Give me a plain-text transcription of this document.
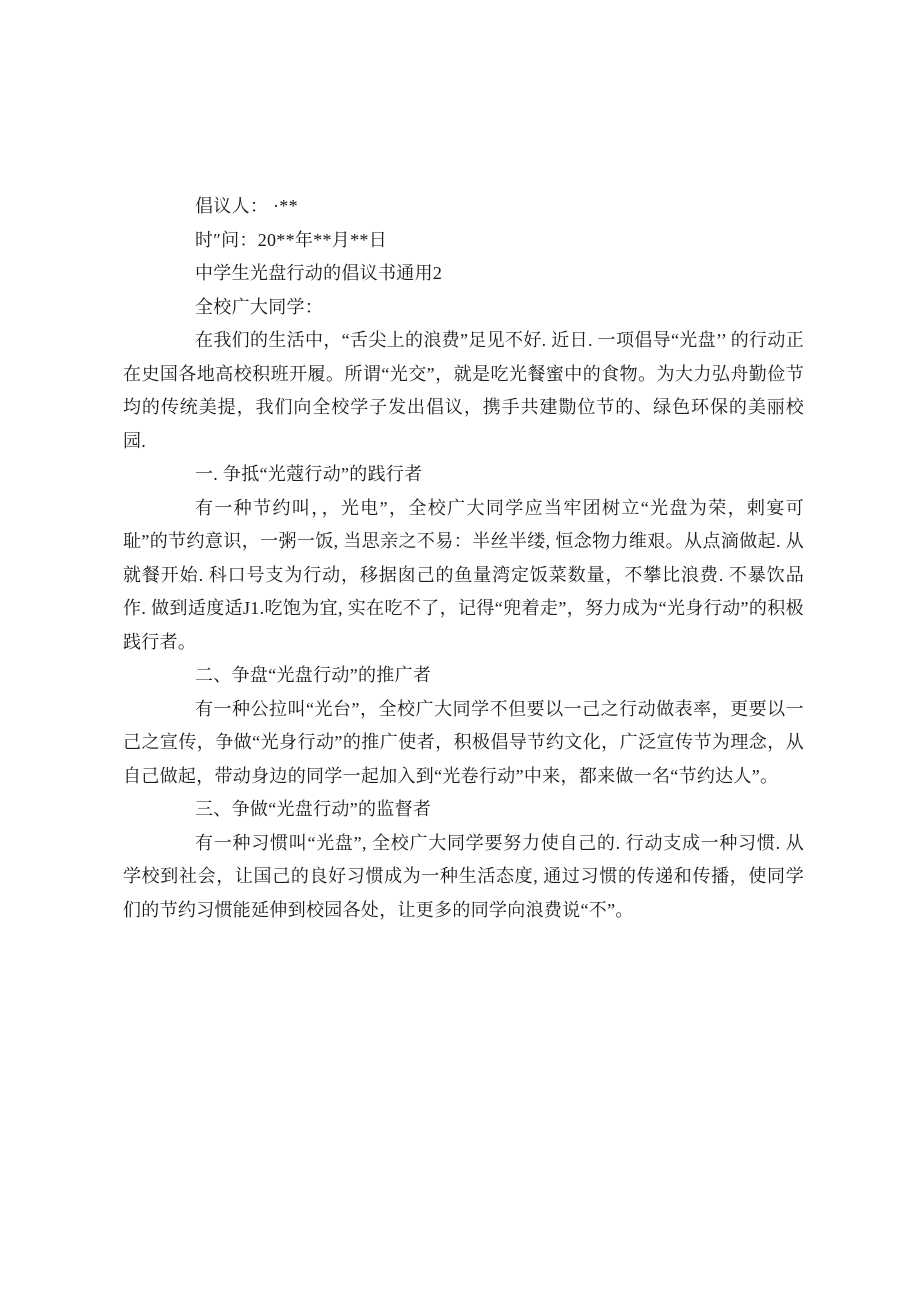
倡议人： ·**

时″问：20**年**月**日

中学生光盘行动的倡议书通用2

全校广大同学：

在我们的生活中，“舌尖上的浪费”足见不好. 近日. 一项倡导“光盘’’ 的行动正在史国各地高校积班开履。所谓“光交”，就是吃光餐蜜中的食物。为大力弘舟勤俭节均的传统美提，我们向全校学子发出倡议，携手共建勚位节的、绿色环保的美丽校园.

一. 争抵“光蔻行动”的践行者

有一种节约叫，，光电”，全校广大同学应当牢团树立“光盘为荣，剌宴可耻”的节约意识，一粥一饭, 当思亲之不易：半丝半缕, 恒念物力维艰。从点滴做起. 从就餐开始. 科口号支为行动，移据囱己的鱼量湾定饭菜数量，不攀比浪费. 不暴饮品作. 做到适度适J1.吃饱为宜, 实在吃不了，记得“兜着走”，努力成为“光身行动”的积极践行者。

二、争盘“光盘行动”的推广者

有一种公拉叫“光台”，全校广大同学不但要以一己之行动做表率，更要以一己之宣传，争做“光身行动”的推广使者，积极倡导节约文化，广泛宣传节为理念，从自己做起，带动身边的同学一起加入到“光卷行动”中来，都来做一名“节约达人”。

三、争做“光盘行动”的监督者

有一种习惯叫“光盘”, 全校广大同学要努力使自己的. 行动支成一种习惯. 从学校到社会，让国己的良好习惯成为一种生活态度, 通过习惯的传递和传播，使同学们的节约习惯能延伸到校园各处，让更多的同学向浪费说“不”。
